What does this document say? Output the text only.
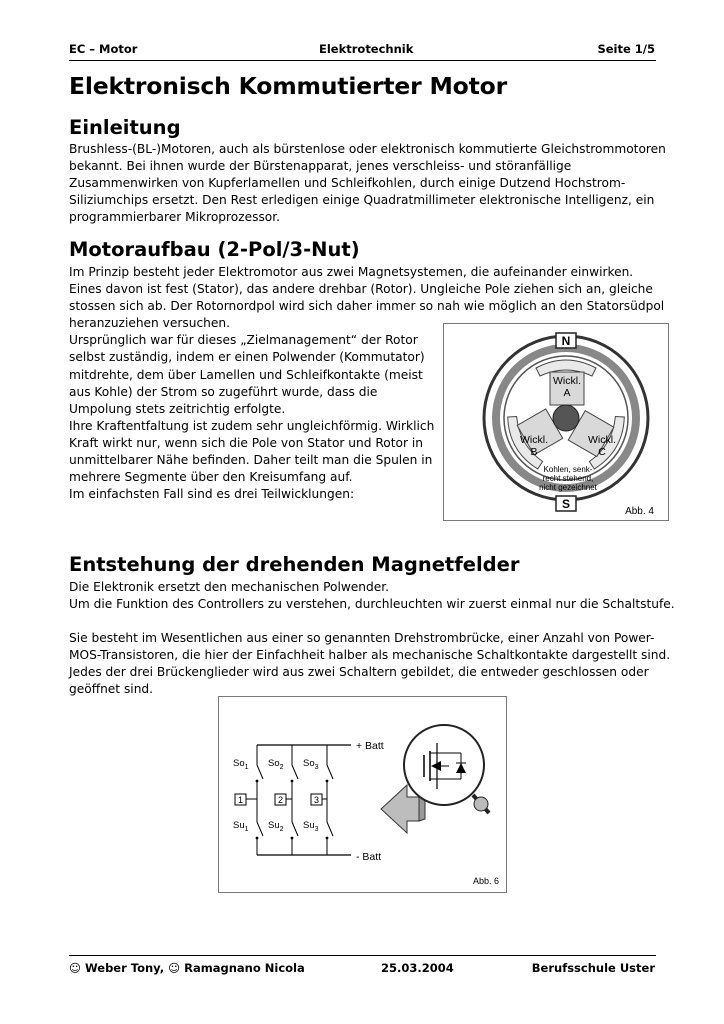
EC – Motor	Elektrotechnik	Seite 1/5
Elektronisch Kommutierter Motor
Einleitung
Brushless-(BL-)Motoren, auch als bürstenlose oder elektronisch kommutierte Gleichstrommotoren
bekannt. Bei ihnen wurde der Bürstenapparat, jenes verschleiss- und störanfällige
Zusammenwirken von Kupferlamellen und Schleifkohlen, durch einige Dutzend Hochstrom-
Siliziumchips ersetzt. Den Rest erledigen einige Quadratmillimeter elektronische Intelligenz, ein
programmierbarer Mikroprozessor.
Motoraufbau (2-Pol/3-Nut)
Im Prinzip besteht jeder Elektromotor aus zwei Magnetsystemen, die aufeinander einwirken.
Eines davon ist fest (Stator), das andere drehbar (Rotor). Ungleiche Pole ziehen sich an, gleiche
stossen sich ab. Der Rotornordpol wird sich daher immer so nah wie möglich an den Statorsüdpol
heranzuziehen versuchen.
Ursprünglich war für dieses „Zielmanagement“ der Rotor
selbst zuständig, indem er einen Polwender (Kommutator)
mitdrehte, dem über Lamellen und Schleifkontakte (meist
aus Kohle) der Strom so zugeführt wurde, dass die
Umpolung stets zeitrichtig erfolgte.
Ihre Kraftentfaltung ist zudem sehr ungleichförmig. Wirklich
Kraft wirkt nur, wenn sich die Pole von Stator und Rotor in
unmittelbarer Nähe befinden. Daher teilt man die Spulen in
mehrere Segmente über den Kreisumfang auf.
Im einfachsten Fall sind es drei Teilwicklungen:
N
S
Wickl.
A
Wickl.
B
Wickl.
C
Kohlen, senk-
recht stehend,
nicht gezeichnet
Abb. 4
Entstehung der drehenden Magnetfelder
Die Elektronik ersetzt den mechanischen Polwender.
Um die Funktion des Controllers zu verstehen, durchleuchten wir zuerst einmal nur die Schaltstufe.
Sie besteht im Wesentlichen aus einer so genannten Drehstrombrücke, einer Anzahl von Power-
MOS-Transistoren, die hier der Einfachheit halber als mechanische Schaltkontakte dargestellt sind.
Jedes der drei Brückenglieder wird aus zwei Schaltern gebildet, die entweder geschlossen oder
geöffnet sind.
+ Batt
- Batt
$So_1$ $So_2$ $So_3$
$Su_1$ $Su_2$ $Su_3$
1	2	3
Abb. 6
☺ Weber Tony, ☺ Ramagnano Nicola	25.03.2004	Berufsschule Uster
